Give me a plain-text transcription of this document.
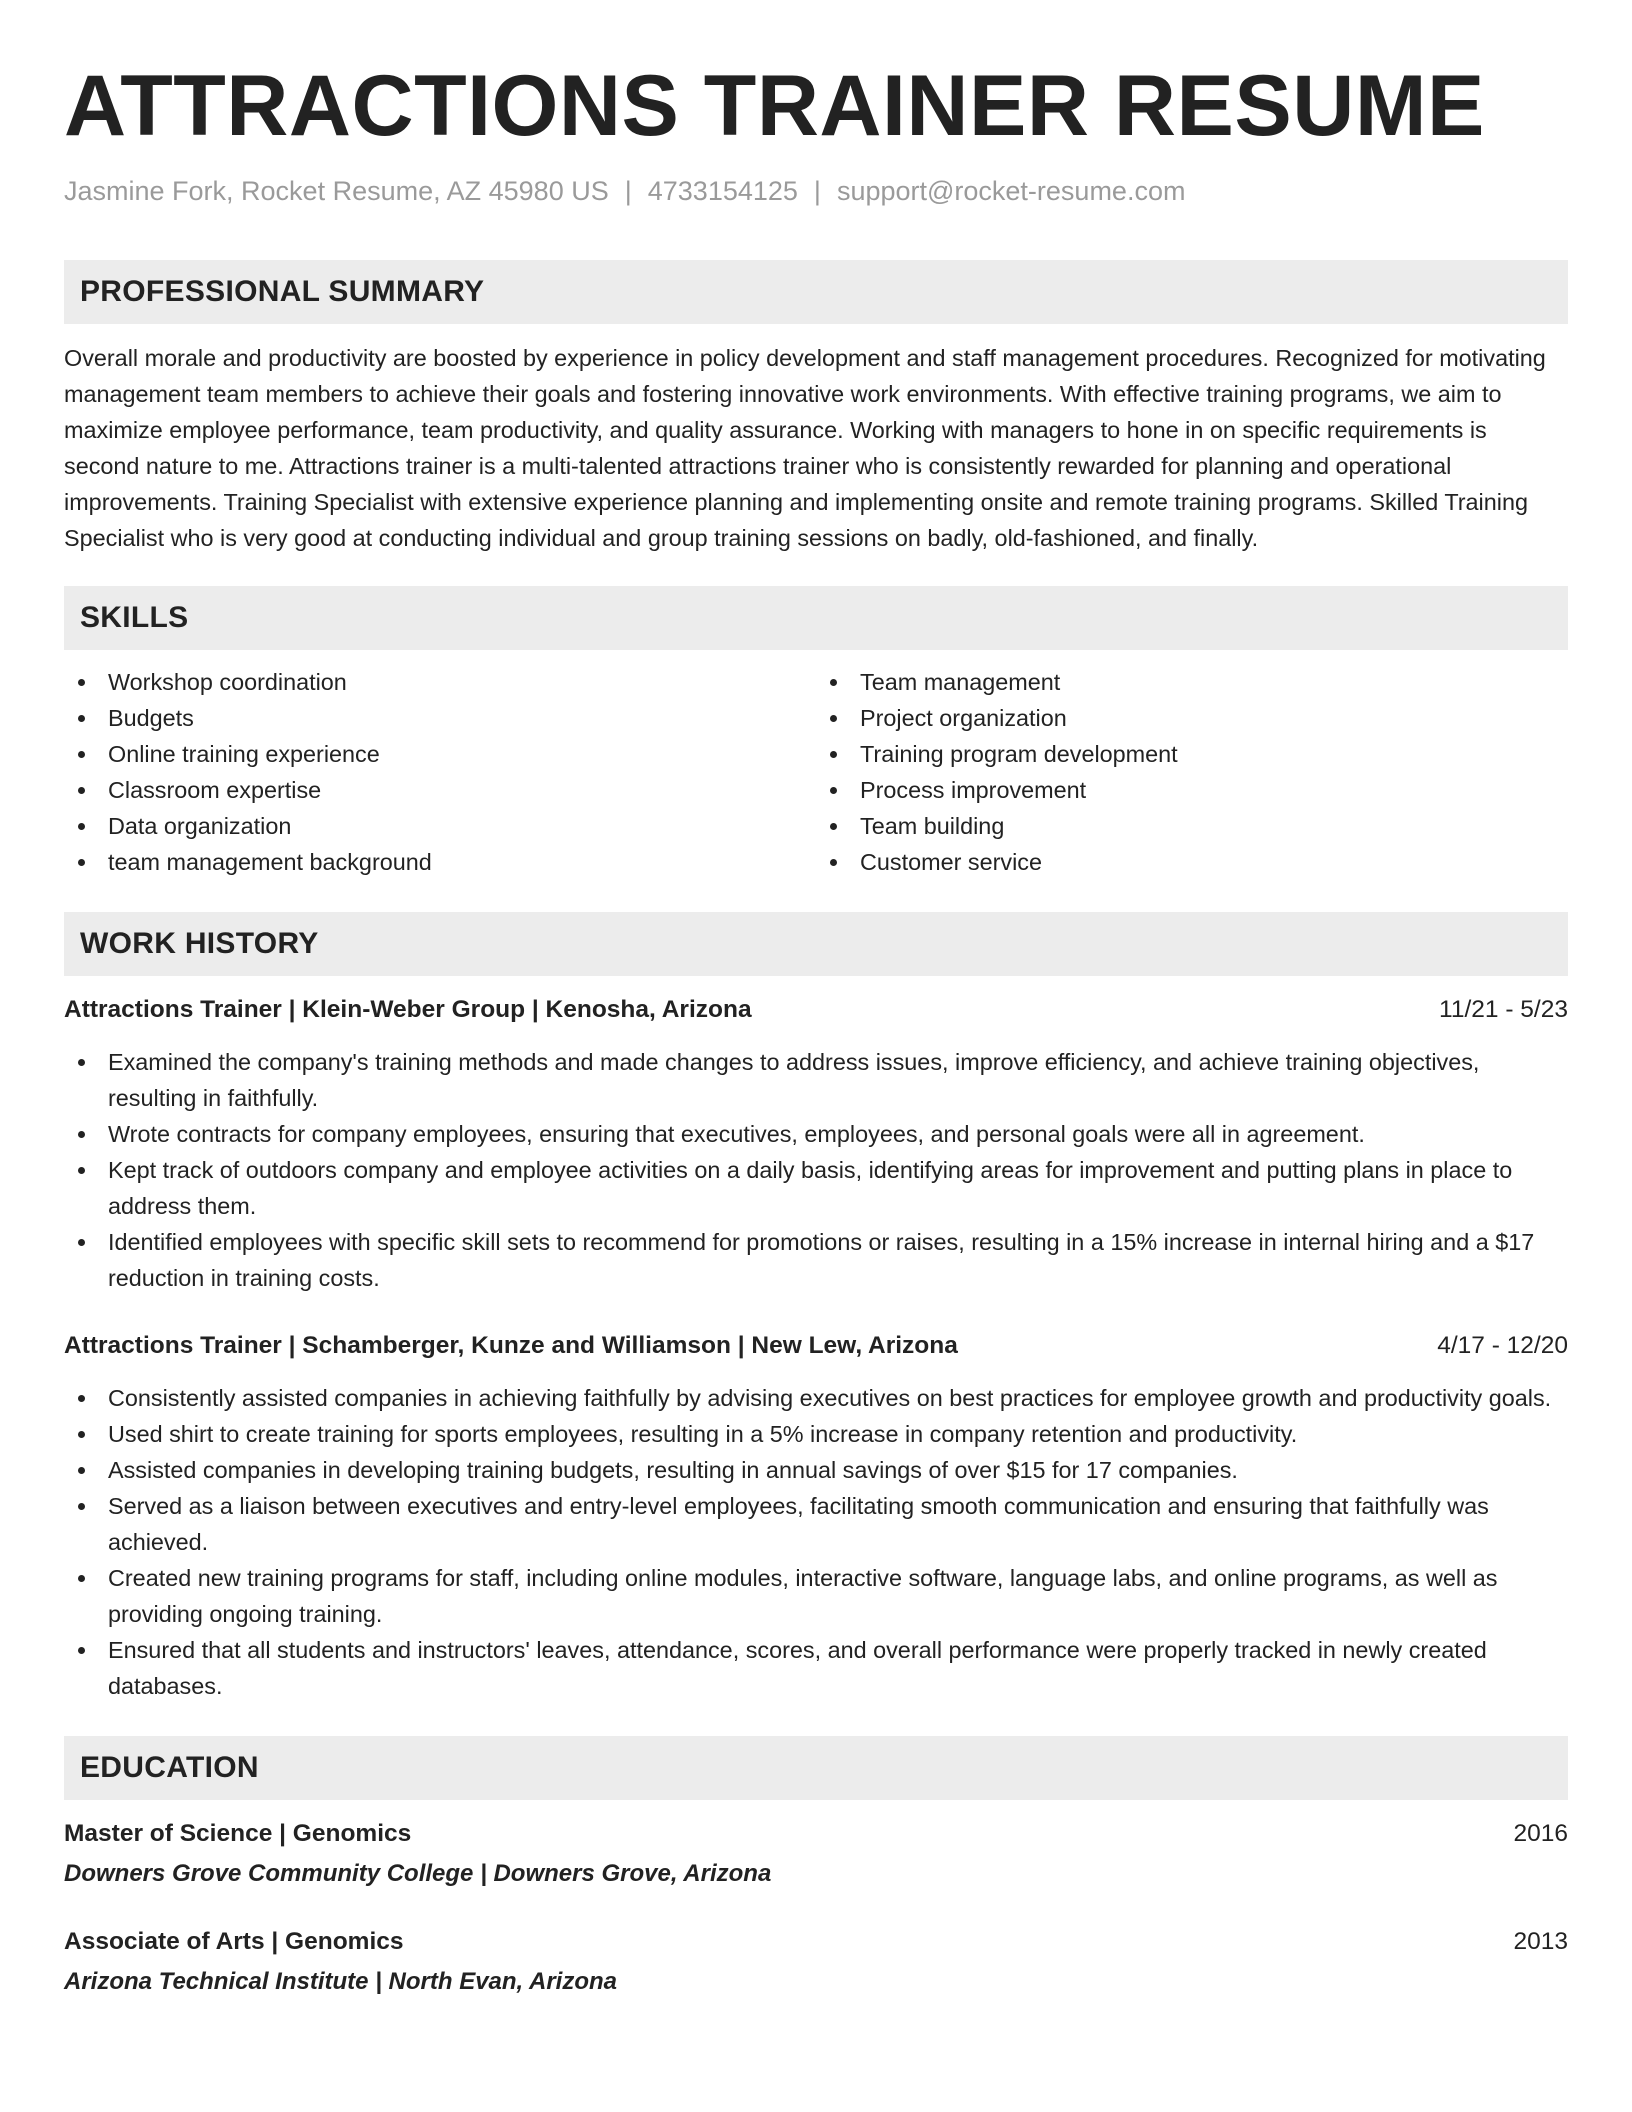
ATTRACTIONS TRAINER RESUME
Jasmine Fork, Rocket Resume, AZ 45980 US | 4733154125 | support@rocket-resume.com
PROFESSIONAL SUMMARY

Overall morale and productivity are boosted by experience in policy development and staff management procedures. Recognized for motivating management team members to achieve their goals and fostering innovative work environments. With effective training programs, we aim to maximize employee performance, team productivity, and quality assurance. Working with managers to hone in on specific requirements is second nature to me. Attractions trainer is a multi-talented attractions trainer who is consistently rewarded for planning and operational improvements. Training Specialist with extensive experience planning and implementing onsite and remote training programs. Skilled Training Specialist who is very good at conducting individual and group training sessions on badly, old-fashioned, and finally.

SKILLS
Workshop coordination
Budgets
Online training experience
Classroom expertise
Data organization
team management background
Team management
Project organization
Training program development
Process improvement
Team building
Customer service
WORK HISTORY
Attractions Trainer | Klein-Weber Group | Kenosha, Arizona	11/21 - 5/23
Examined the company's training methods and made changes to address issues, improve efficiency, and achieve training objectives, resulting in faithfully.
Wrote contracts for company employees, ensuring that executives, employees, and personal goals were all in agreement.
Kept track of outdoors company and employee activities on a daily basis, identifying areas for improvement and putting plans in place to address them.
Identified employees with specific skill sets to recommend for promotions or raises, resulting in a 15% increase in internal hiring and a $17 reduction in training costs.
Attractions Trainer | Schamberger, Kunze and Williamson | New Lew, Arizona	4/17 - 12/20
Consistently assisted companies in achieving faithfully by advising executives on best practices for employee growth and productivity goals.
Used shirt to create training for sports employees, resulting in a 5% increase in company retention and productivity.
Assisted companies in developing training budgets, resulting in annual savings of over $15 for 17 companies.
Served as a liaison between executives and entry-level employees, facilitating smooth communication and ensuring that faithfully was achieved.
Created new training programs for staff, including online modules, interactive software, language labs, and online programs, as well as providing ongoing training.
Ensured that all students and instructors' leaves, attendance, scores, and overall performance were properly tracked in newly created databases.
EDUCATION
Master of Science | Genomics	2016
Downers Grove Community College | Downers Grove, Arizona
Associate of Arts | Genomics	2013
Arizona Technical Institute | North Evan, Arizona
